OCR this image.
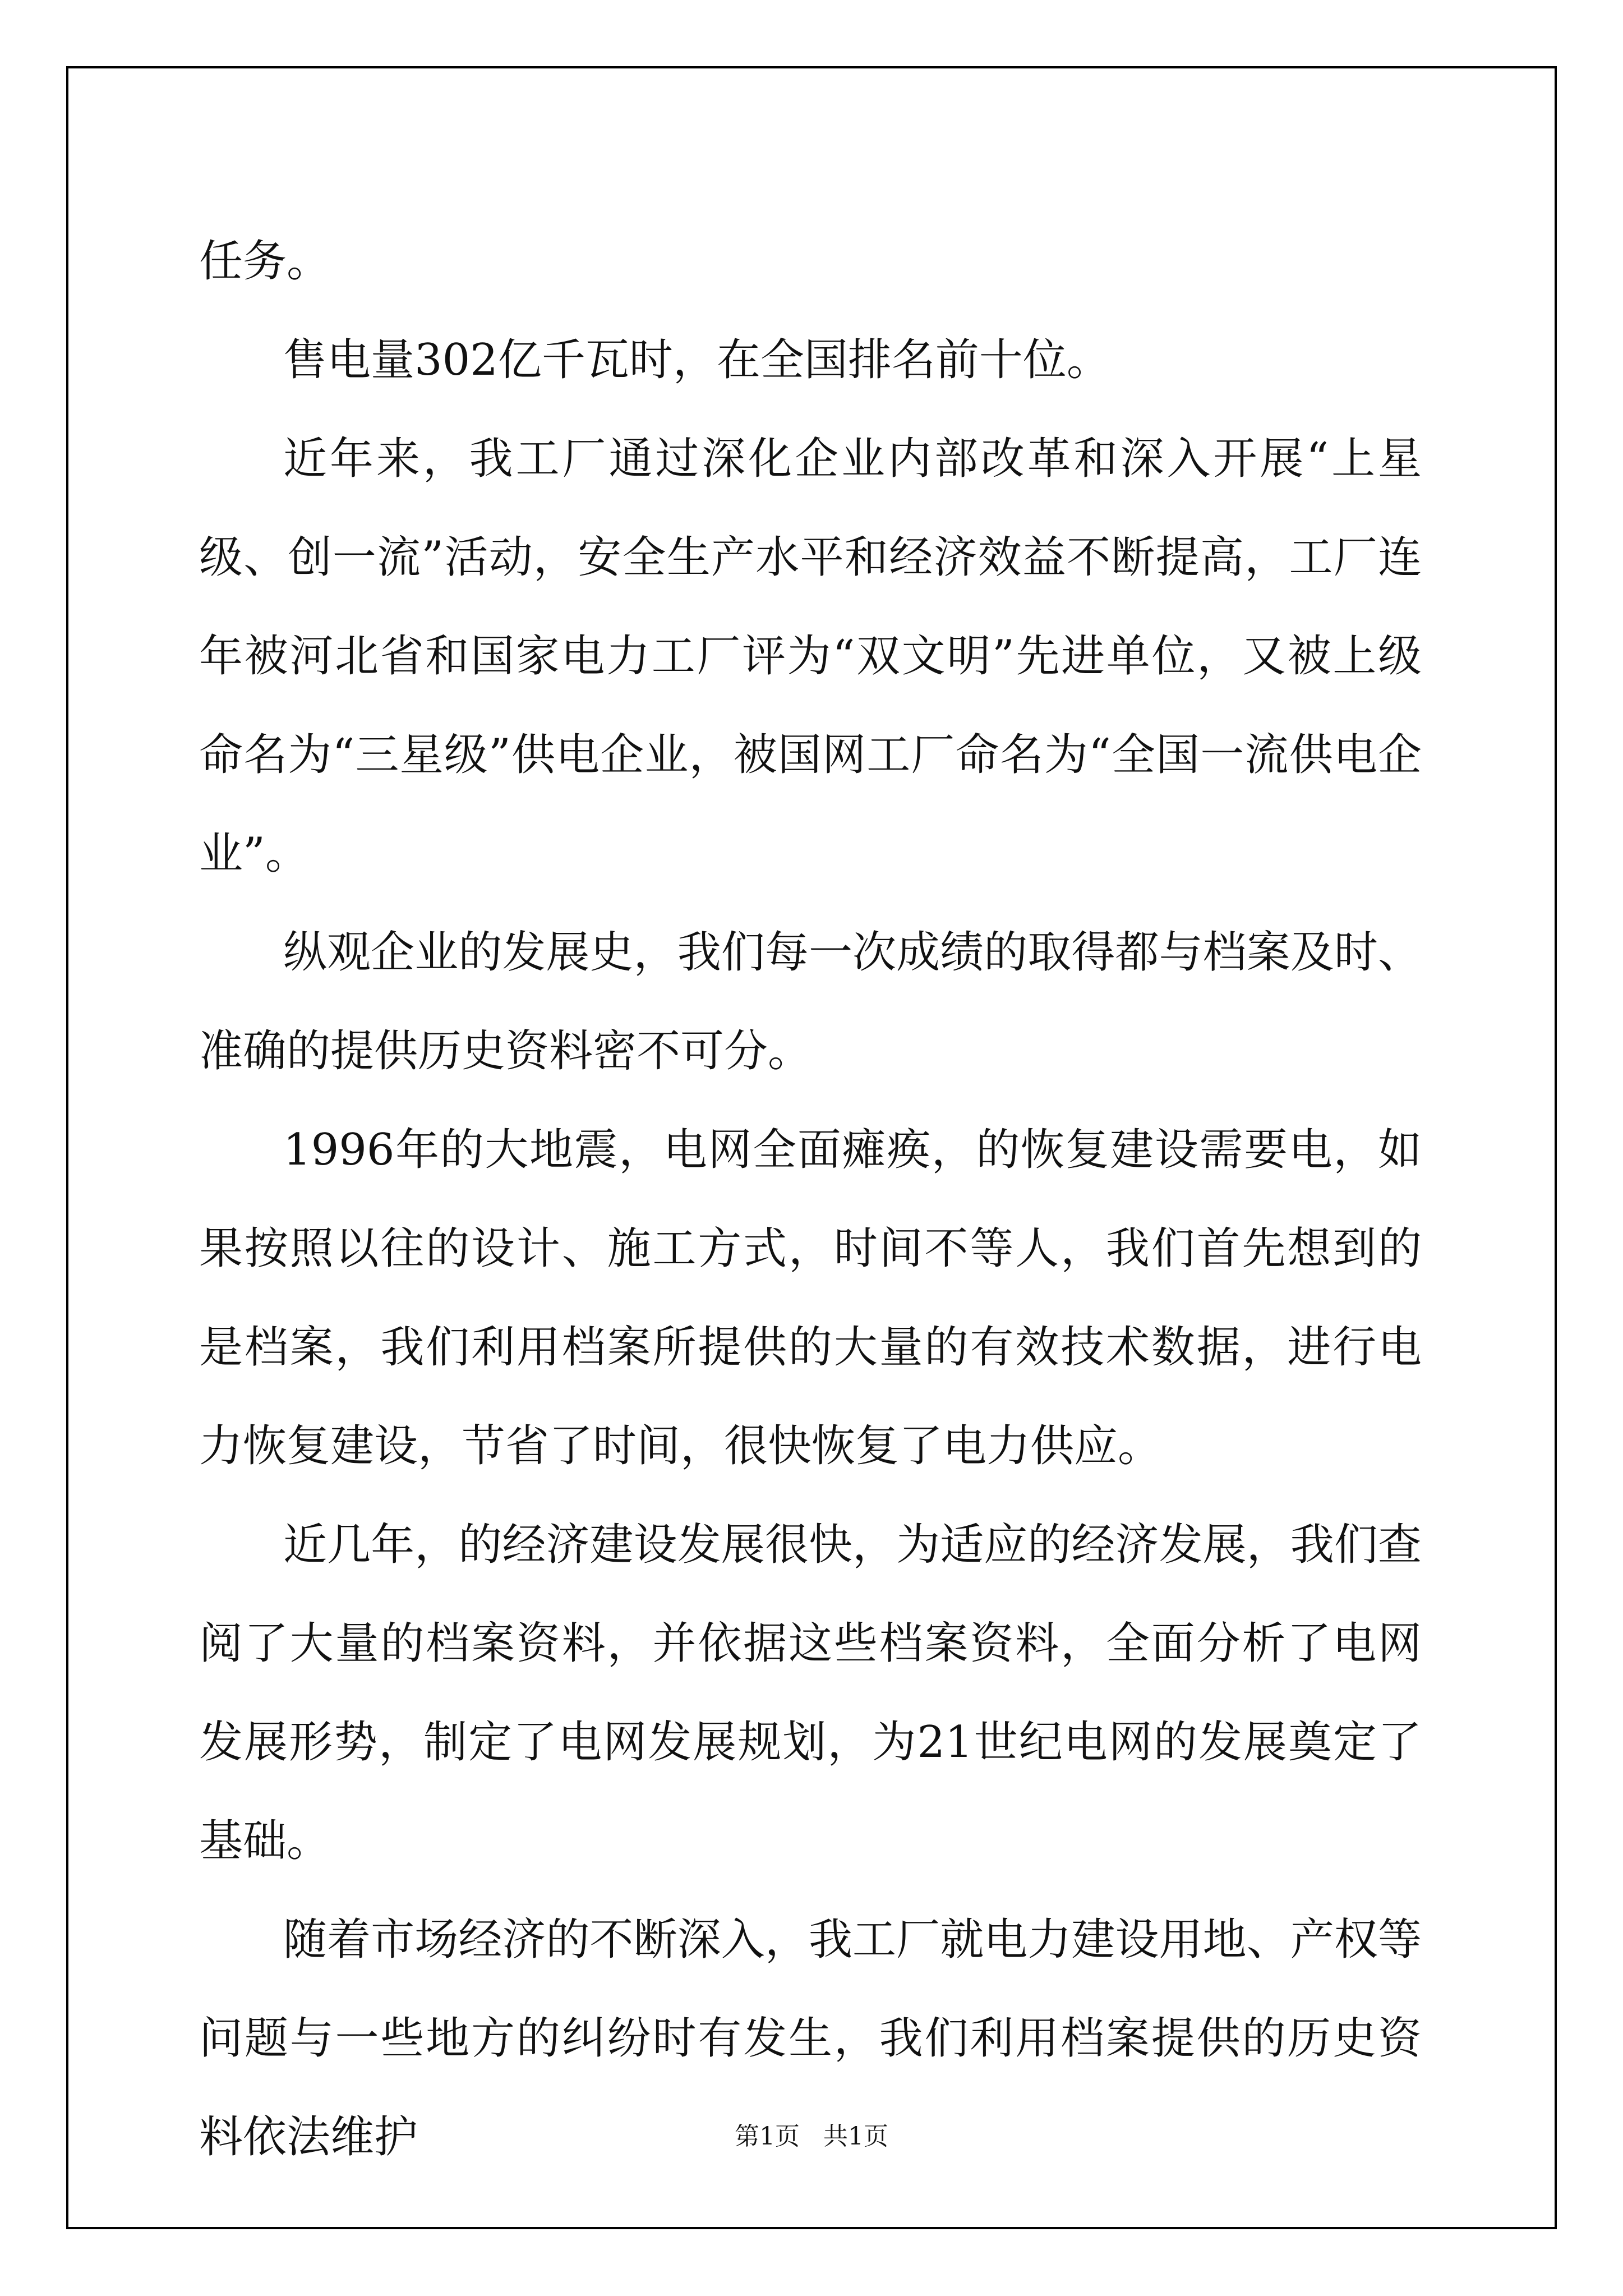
任务。

售电量302亿千瓦时，在全国排名前十位。

近年来，我工厂通过深化企业内部改革和深入开展“上星级、创一流”活动，安全生产水平和经济效益不断提高，工厂连年被河北省和国家电力工厂评为“双文明”先进单位，又被上级命名为“三星级”供电企业，被国网工厂命名为“全国一流供电企业”。

纵观企业的发展史，我们每一次成绩的取得都与档案及时、准确的提供历史资料密不可分。

1996年的大地震，电网全面瘫痪，的恢复建设需要电，如果按照以往的设计、施工方式，时间不等人，我们首先想到的是档案，我们利用档案所提供的大量的有效技术数据，进行电力恢复建设，节省了时间，很快恢复了电力供应。

近几年，的经济建设发展很快，为适应的经济发展，我们查阅了大量的档案资料，并依据这些档案资料，全面分析了电网发展形势，制定了电网发展规划，为21世纪电网的发展奠定了基础。

随着市场经济的不断深入，我工厂就电力建设用地、产权等问题与一些地方的纠纷时有发生，我们利用档案提供的历史资料依法维护	第1页 共1页
